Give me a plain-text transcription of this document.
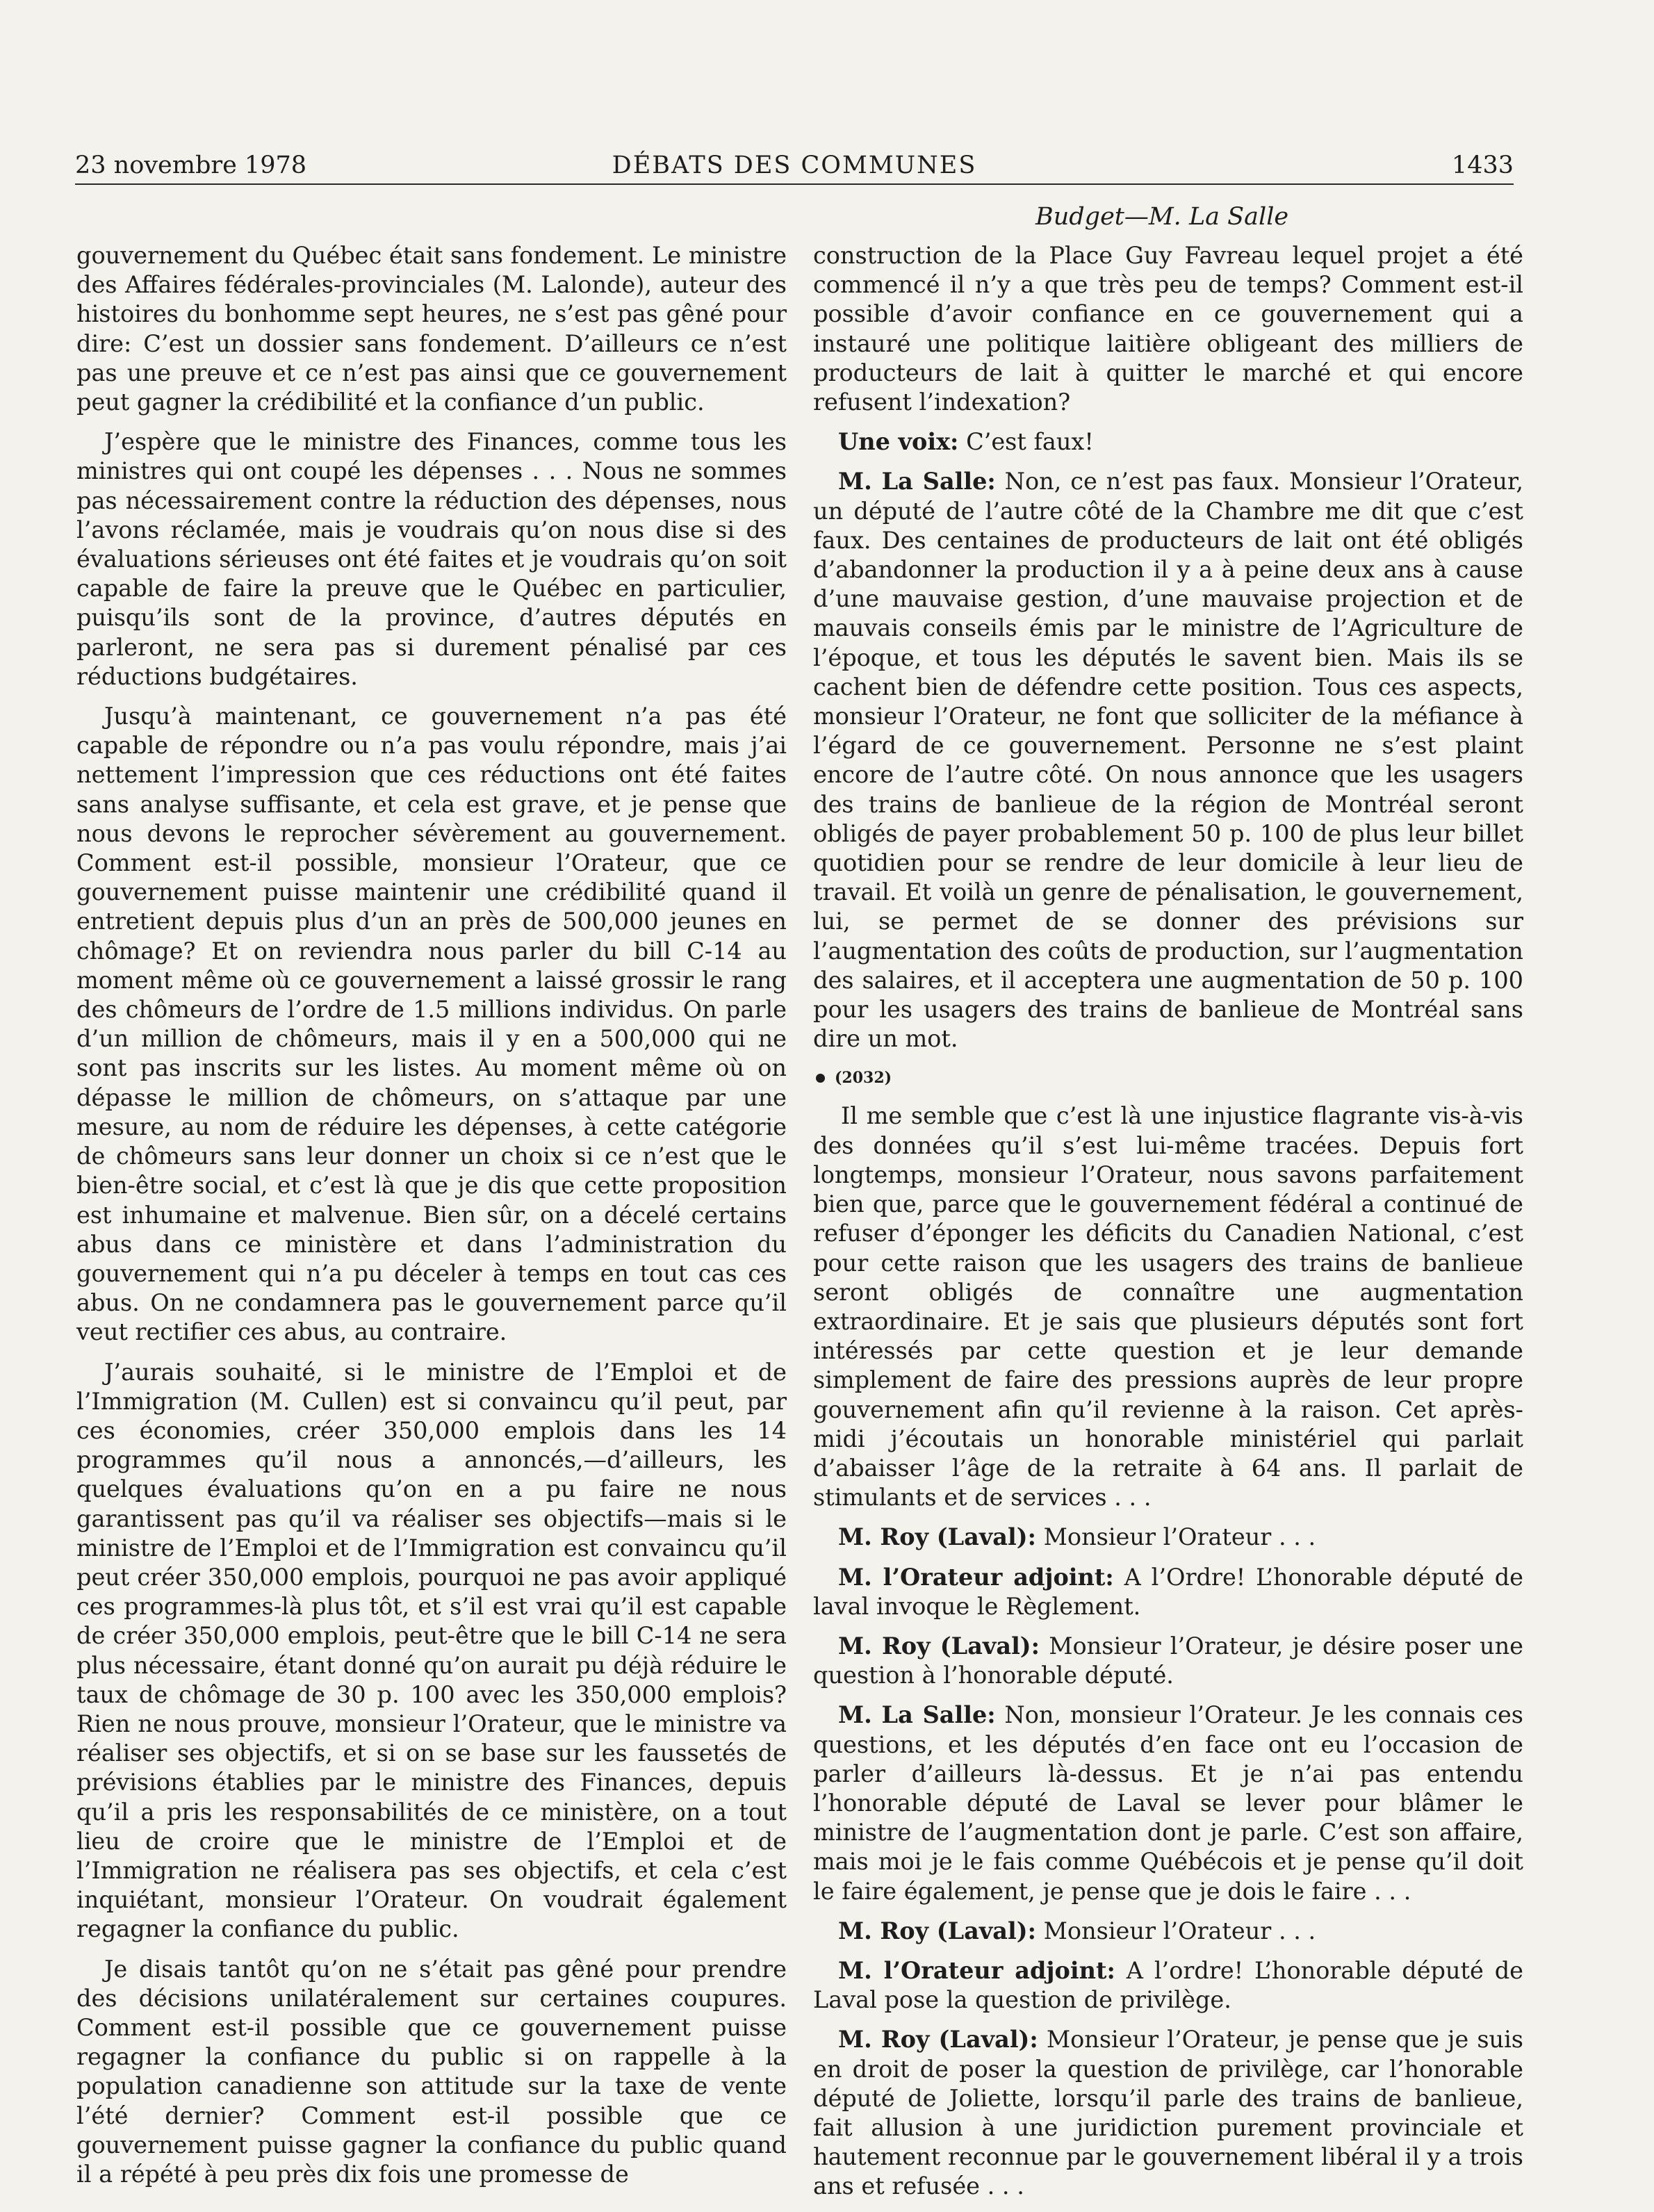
23 novembre 1978	DÉBATS DES COMMUNES	1433
Budget—M. La Salle

gouvernement du Québec était sans fondement. Le ministre des Affaires fédérales-provinciales (M. Lalonde), auteur des histoires du bonhomme sept heures, ne s’est pas gêné pour dire: C’est un dossier sans fondement. D’ailleurs ce n’est pas une preuve et ce n’est pas ainsi que ce gouvernement peut gagner la crédibilité et la confiance d’un public.

J’espère que le ministre des Finances, comme tous les ministres qui ont coupé les dépenses . . . Nous ne sommes pas nécessairement contre la réduction des dépenses, nous l’avons réclamée, mais je voudrais qu’on nous dise si des évaluations sérieuses ont été faites et je voudrais qu’on soit capable de faire la preuve que le Québec en particulier, puisqu’ils sont de la province, d’autres députés en parleront, ne sera pas si durement pénalisé par ces réductions budgétaires.

Jusqu’à maintenant, ce gouvernement n’a pas été capable de répondre ou n’a pas voulu répondre, mais j’ai nettement l’impression que ces réductions ont été faites sans analyse suffisante, et cela est grave, et je pense que nous devons le reprocher sévèrement au gouvernement. Comment est-il possible, monsieur l’Orateur, que ce gouvernement puisse maintenir une crédibilité quand il entretient depuis plus d’un an près de 500,000 jeunes en chômage? Et on reviendra nous parler du bill C-14 au moment même où ce gouvernement a laissé grossir le rang des chômeurs de l’ordre de 1.5 millions individus. On parle d’un million de chômeurs, mais il y en a 500,000 qui ne sont pas inscrits sur les listes. Au moment même où on dépasse le million de chômeurs, on s’attaque par une mesure, au nom de réduire les dépenses, à cette catégorie de chômeurs sans leur donner un choix si ce n’est que le bien-être social, et c’est là que je dis que cette proposition est inhumaine et malvenue. Bien sûr, on a décelé certains abus dans ce ministère et dans l’administration du gouvernement qui n’a pu déceler à temps en tout cas ces abus. On ne condamnera pas le gouvernement parce qu’il veut rectifier ces abus, au contraire.

J’aurais souhaité, si le ministre de l’Emploi et de l’Immigration (M. Cullen) est si convaincu qu’il peut, par ces économies, créer 350,000 emplois dans les 14 programmes qu’il nous a annoncés,—d’ailleurs, les quelques évaluations qu’on en a pu faire ne nous garantissent pas qu’il va réaliser ses objectifs—mais si le ministre de l’Emploi et de l’Immigration est convaincu qu’il peut créer 350,000 emplois, pourquoi ne pas avoir appliqué ces programmes-là plus tôt, et s’il est vrai qu’il est capable de créer 350,000 emplois, peut-être que le bill C-14 ne sera plus nécessaire, étant donné qu’on aurait pu déjà réduire le taux de chômage de 30 p. 100 avec les 350,000 emplois? Rien ne nous prouve, monsieur l’Orateur, que le ministre va réaliser ses objectifs, et si on se base sur les faussetés de prévisions établies par le ministre des Finances, depuis qu’il a pris les responsabilités de ce ministère, on a tout lieu de croire que le ministre de l’Emploi et de l’Immigration ne réalisera pas ses objectifs, et cela c’est inquiétant, monsieur l’Orateur. On voudrait également regagner la confiance du public.

Je disais tantôt qu’on ne s’était pas gêné pour prendre des décisions unilatéralement sur certaines coupures. Comment est-il possible que ce gouvernement puisse regagner la confiance du public si on rappelle à la population canadienne son attitude sur la taxe de vente l’été dernier? Comment est-il possible que ce gouvernement puisse gagner la confiance du public quand il a répété à peu près dix fois une promesse de

construction de la Place Guy Favreau lequel projet a été commencé il n’y a que très peu de temps? Comment est-il possible d’avoir confiance en ce gouvernement qui a instauré une politique laitière obligeant des milliers de producteurs de lait à quitter le marché et qui encore refusent l’indexation?

Une voix: C’est faux!

M. La Salle: Non, ce n’est pas faux. Monsieur l’Orateur, un député de l’autre côté de la Chambre me dit que c’est faux. Des centaines de producteurs de lait ont été obligés d’abandonner la production il y a à peine deux ans à cause d’une mauvaise gestion, d’une mauvaise projection et de mauvais conseils émis par le ministre de l’Agriculture de l’époque, et tous les députés le savent bien. Mais ils se cachent bien de défendre cette position. Tous ces aspects, monsieur l’Orateur, ne font que solliciter de la méfiance à l’égard de ce gouvernement. Personne ne s’est plaint encore de l’autre côté. On nous annonce que les usagers des trains de banlieue de la région de Montréal seront obligés de payer probablement 50 p. 100 de plus leur billet quotidien pour se rendre de leur domicile à leur lieu de travail. Et voilà un genre de pénalisation, le gouvernement, lui, se permet de se donner des prévisions sur l’augmentation des coûts de production, sur l’augmentation des salaires, et il acceptera une augmentation de 50 p. 100 pour les usagers des trains de banlieue de Montréal sans dire un mot.

(2032)

Il me semble que c’est là une injustice flagrante vis-à-vis des données qu’il s’est lui-même tracées. Depuis fort longtemps, monsieur l’Orateur, nous savons parfaitement bien que, parce que le gouvernement fédéral a continué de refuser d’éponger les déficits du Canadien National, c’est pour cette raison que les usagers des trains de banlieue seront obligés de connaître une augmentation extraordinaire. Et je sais que plusieurs députés sont fort intéressés par cette question et je leur demande simplement de faire des pressions auprès de leur propre gouvernement afin qu’il revienne à la raison. Cet après-midi j’écoutais un honorable ministériel qui parlait d’abaisser l’âge de la retraite à 64 ans. Il parlait de stimulants et de services . . .

M. Roy (Laval): Monsieur l’Orateur . . .

M. l’Orateur adjoint: A l’Ordre! L’honorable député de laval invoque le Règlement.

M. Roy (Laval): Monsieur l’Orateur, je désire poser une question à l’honorable député.

M. La Salle: Non, monsieur l’Orateur. Je les connais ces questions, et les députés d’en face ont eu l’occasion de parler d’ailleurs là-dessus. Et je n’ai pas entendu l’honorable député de Laval se lever pour blâmer le ministre de l’augmentation dont je parle. C’est son affaire, mais moi je le fais comme Québécois et je pense qu’il doit le faire également, je pense que je dois le faire . . .

M. Roy (Laval): Monsieur l’Orateur . . .

M. l’Orateur adjoint: A l’ordre! L’honorable député de Laval pose la question de privilège.

M. Roy (Laval): Monsieur l’Orateur, je pense que je suis en droit de poser la question de privilège, car l’honorable député de Joliette, lorsqu’il parle des trains de banlieue, fait allusion à une juridiction purement provinciale et hautement reconnue par le gouvernement libéral il y a trois ans et refusée . . .
